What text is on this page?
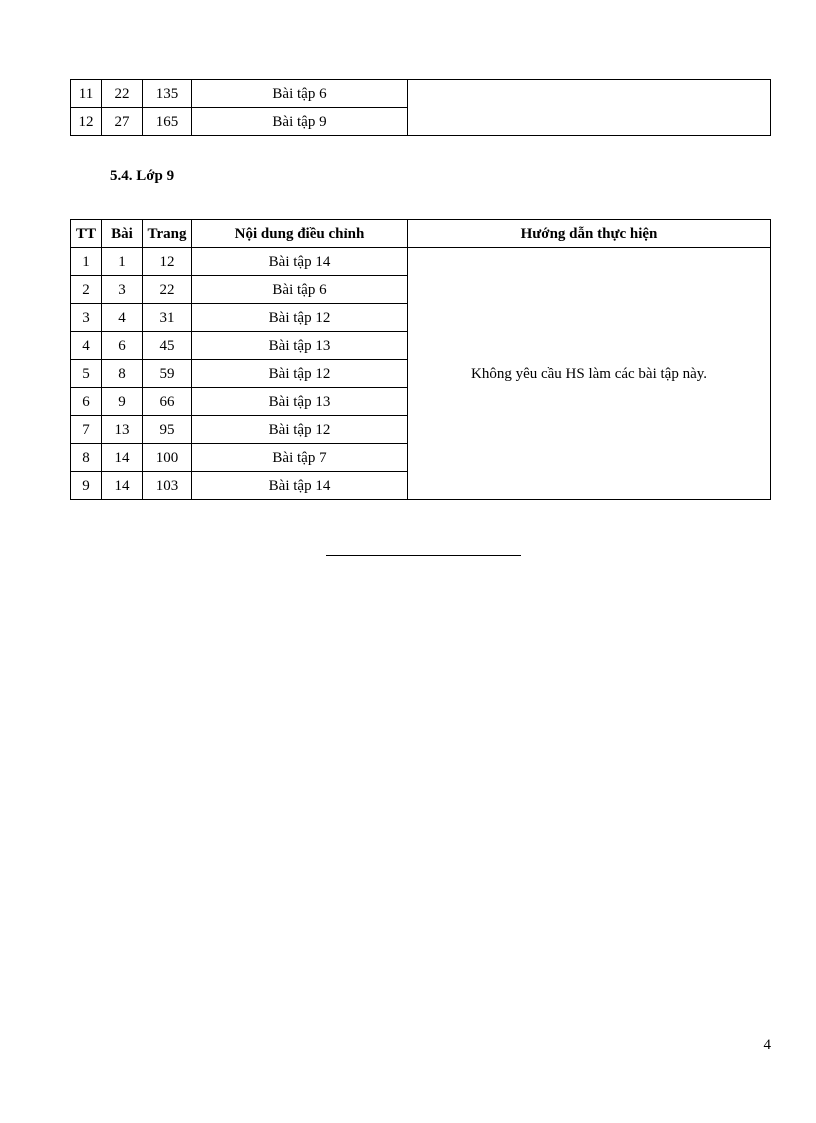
11	22	135	Bài tập 6	
12	27	165	Bài tập 9	
5.4. Lớp 9
TT	Bài	Trang	Nội dung điều chỉnh	Hướng dẫn thực hiện
1	1	12	Bài tập 14	Không yêu cầu HS làm các bài tập này.
2	3	22	Bài tập 6	
3	4	31	Bài tập 12	
4	6	45	Bài tập 13	
5	8	59	Bài tập 12	
6	9	66	Bài tập 13	
7	13	95	Bài tập 12	
8	14	100	Bài tập 7	
9	14	103	Bài tập 14	
4
